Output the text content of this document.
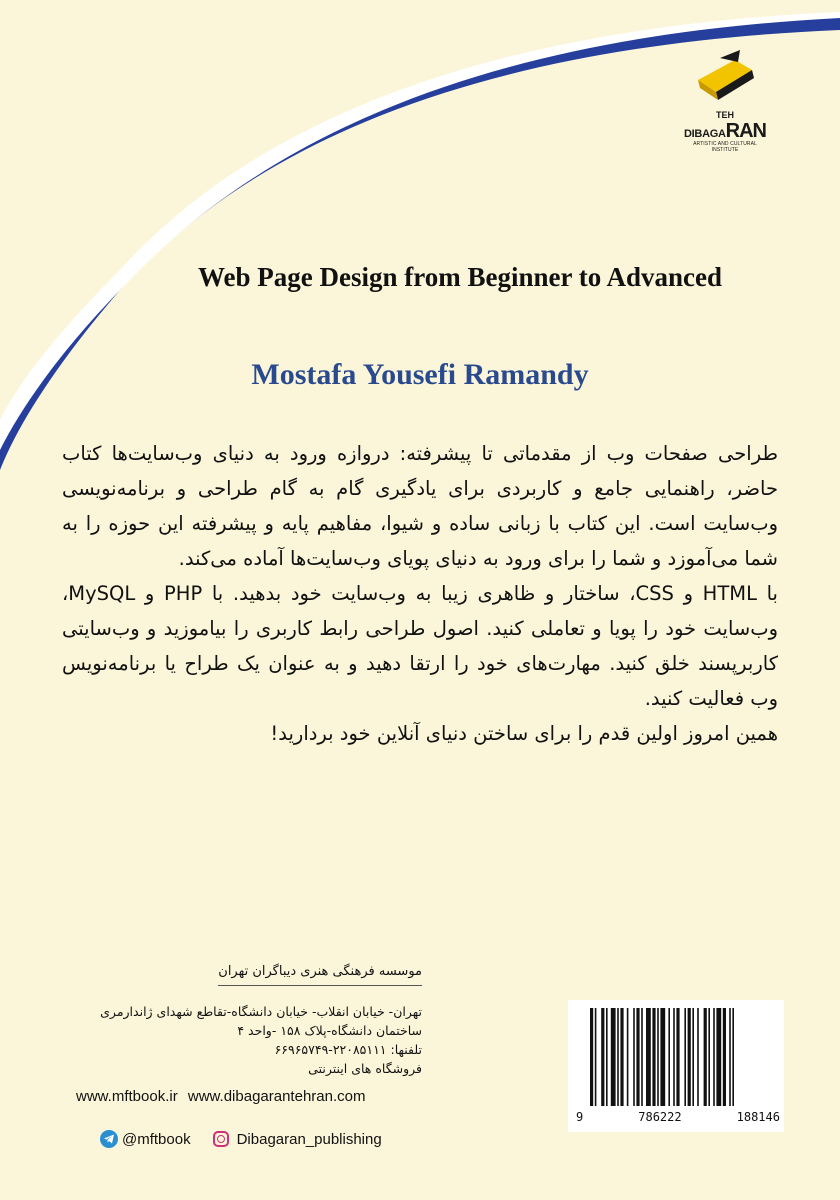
TEH
DIBAGARAN
ARTISTIC AND CULTURAL INSTITUTE
Web Page Design from Beginner to Advanced
Mostafa Yousefi Ramandy

طراحی صفحات وب از مقدماتی تا پیشرفته: دروازه ورود به دنیای وب‌سایت‌ها کتاب حاضر، راهنمایی جامع و کاربردی برای یادگیری گام به گام طراحی و برنامه‌نویسی وب‌سایت است. این کتاب با زبانی ساده و شیوا، مفاهیم پایه و پیشرفته این حوزه را به شما می‌آموزد و شما را برای ورود به دنیای پویای وب‌سایت‌ها آماده می‌کند.

با HTML و CSS، ساختار و ظاهری زیبا به وب‌سایت خود بدهید. با PHP و MySQL، وب‌سایت خود را پویا و تعاملی کنید. اصول طراحی رابط کاربری را بیاموزید و وب‌سایتی کاربرپسند خلق کنید. مهارت‌های خود را ارتقا دهید و به عنوان یک طراح یا برنامه‌نویس وب فعالیت کنید.

همین امروز اولین قدم را برای ساختن دنیای آنلاین خود بردارید!

موسسه فرهنگی هنری دیباگران تهران
تهران- خیابان انقلاب- خیابان دانشگاه-تقاطع شهدای ژاندارمری
ساختمان دانشگاه-پلاک ۱۵۸ -واحد ۴
تلفنها: ۲۲۰۸۵۱۱۱-۶۶۹۶۵۷۴۹
فروشگاه های اینترنتی
www.mftbook.ir www.dibagarantehran.com
@mftbook	Dibagaran_publishing
9	786222	188146
